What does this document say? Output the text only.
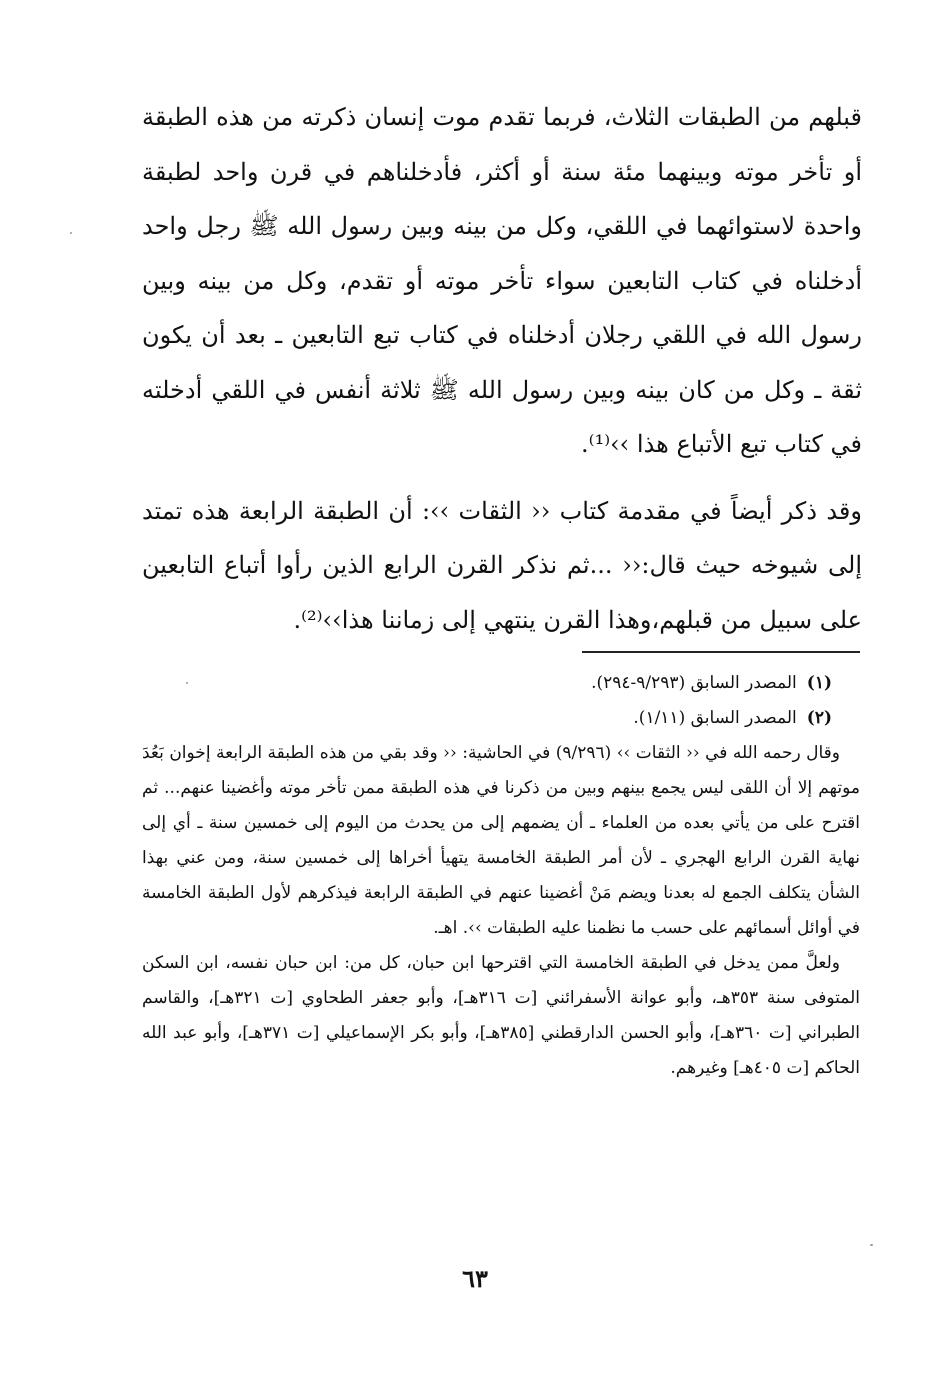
قبلهم من الطبقات الثلاث، فربما تقدم موت إنسان ذكرته من هذه الطبقة أو تأخر موته وبينهما مئة سنة أو أكثر، فأدخلناهم في قرن واحد لطبقة واحدة لاستوائهما في اللقي، وكل من بينه وبين رسول الله ﷺ رجل واحد أدخلناه في كتاب التابعين سواء تأخر موته أو تقدم، وكل من بينه وبين رسول الله في اللقي رجلان أدخلناه في كتاب تبع التابعين ـ بعد أن يكون ثقة ـ وكل من كان بينه وبين رسول الله ﷺ ثلاثة أنفس في اللقي أدخلته في كتاب تبع الأتباع هذا ››⁽¹⁾.

وقد ذكر أيضاً في مقدمة كتاب ‹‹ الثقات ››: أن الطبقة الرابعة هذه تمتد إلى شيوخه حيث قال:‹‹ ...ثم نذكر القرن الرابع الذين رأوا أتباع التابعين على سبيل من قبلهم،وهذا القرن ينتهي إلى زماننا هذا››⁽²⁾.

(١)المصدر السابق (٩/٢٩٣-٢٩٤).

(٢)المصدر السابق (١/١١).

وقال رحمه الله في ‹‹ الثقات ›› (٩/٢٩٦) في الحاشية: ‹‹ وقد بقي من هذه الطبقة الرابعة إخوان بَعُدَ موتهم إلا أن اللقى ليس يجمع بينهم وبين من ذكرنا في هذه الطبقة ممن تأخر موته وأغضينا عنهم... ثم اقترح على من يأتي بعده من العلماء ـ أن يضمهم إلى من يحدث من اليوم إلى خمسين سنة ـ أي إلى نهاية القرن الرابع الهجري ـ لأن أمر الطبقة الخامسة يتهيأ أخراها إلى خمسين سنة، ومن عني بهذا الشأن يتكلف الجمع له بعدنا ويضم مَنْ أغضينا عنهم في الطبقة الرابعة فيذكرهم لأول الطبقة الخامسة في أوائل أسمائهم على حسب ما نظمنا عليه الطبقات ››. اهـ.

ولعلَّ ممن يدخل في الطبقة الخامسة التي اقترحها ابن حبان، كل من: ابن حبان نفسه، ابن السكن المتوفى سنة ٣٥٣هـ، وأبو عوانة الأسفرائني [ت ٣١٦هـ]، وأبو جعفر الطحاوي [ت ٣٢١هـ]، والقاسم الطبراني [ت ٣٦٠هـ]، وأبو الحسن الدارقطني [٣٨٥هـ]، وأبو بكر الإسماعيلي [ت ٣٧١هـ]، وأبو عبد الله الحاكم [ت ٤٠٥هـ] وغيرهم.

٦٣
